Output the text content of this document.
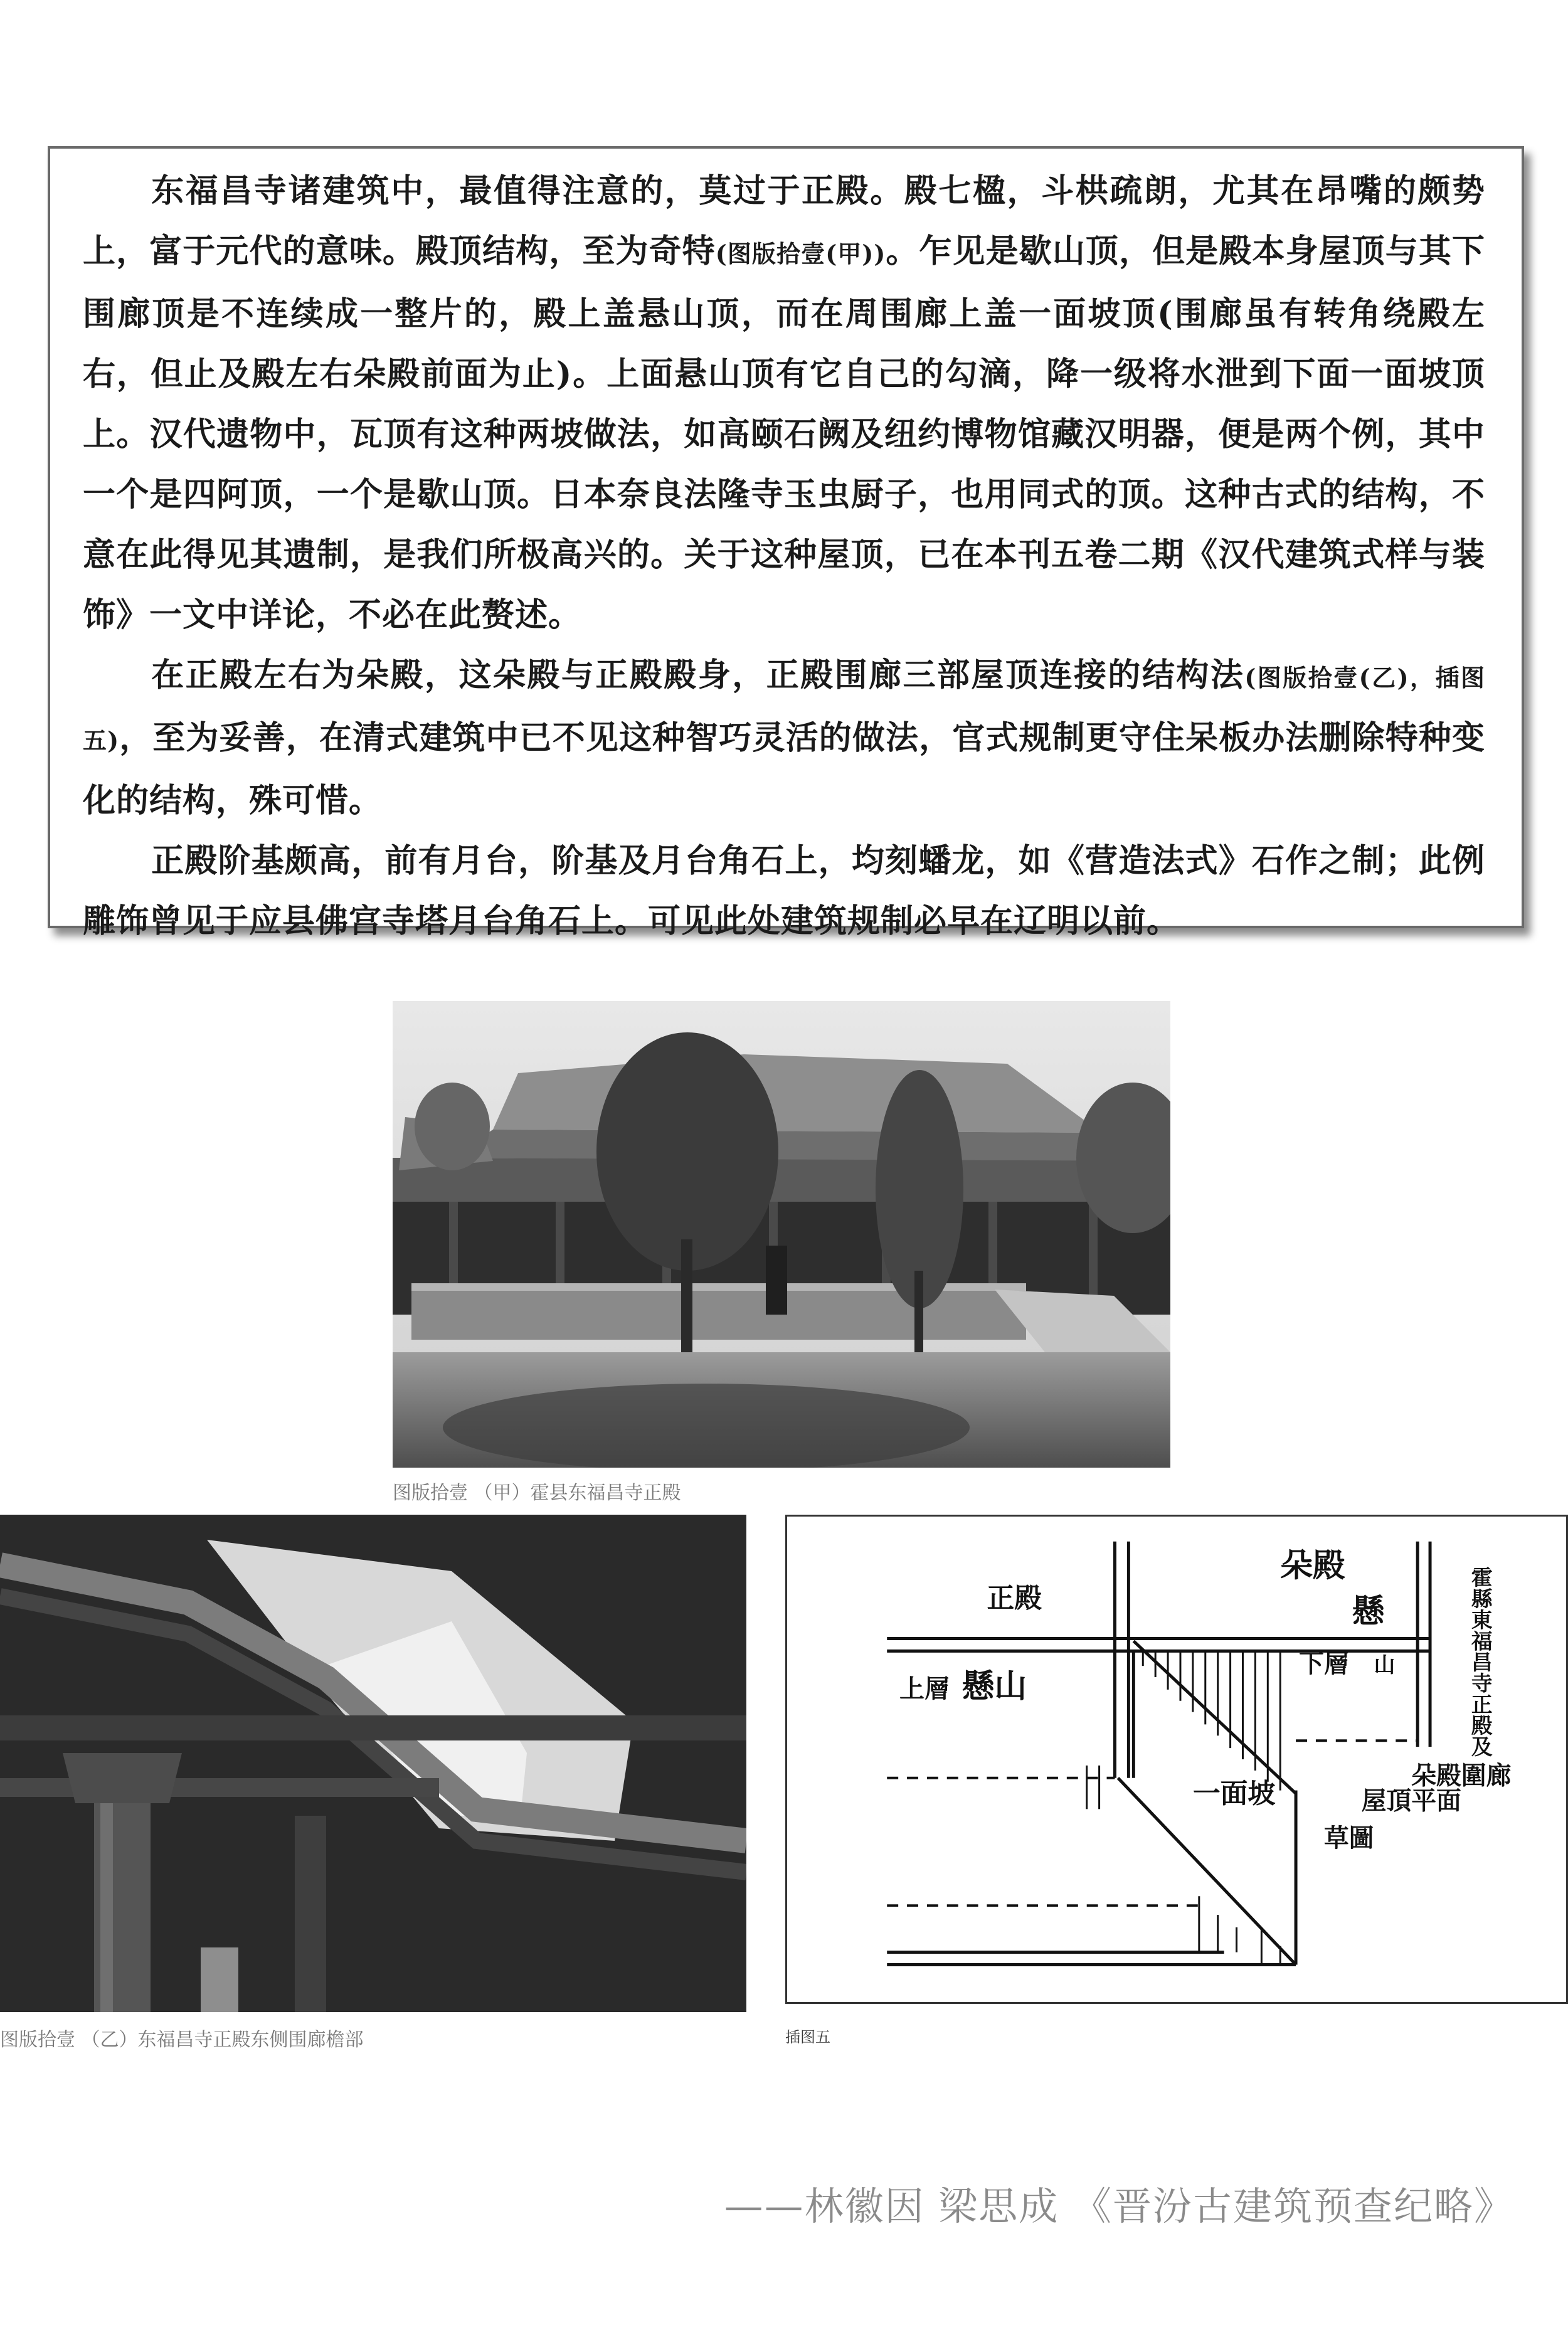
东福昌寺诸建筑中，最值得注意的，莫过于正殿。殿七楹，斗栱疏朗，尤其在昂嘴的颇势上，富于元代的意味。殿顶结构，至为奇特(图版拾壹(甲))。乍见是歇山顶，但是殿本身屋顶与其下围廊顶是不连续成一整片的，殿上盖悬山顶，而在周围廊上盖一面坡顶(围廊虽有转角绕殿左右，但止及殿左右朵殿前面为止)。上面悬山顶有它自己的勾滴，降一级将水泄到下面一面坡顶上。汉代遗物中，瓦顶有这种两坡做法，如高颐石阙及纽约博物馆藏汉明器，便是两个例，其中一个是四阿顶，一个是歇山顶。日本奈良法隆寺玉虫厨子，也用同式的顶。这种古式的结构，不意在此得见其遗制，是我们所极高兴的。关于这种屋顶，已在本刊五卷二期《汉代建筑式样与装饰》一文中详论，不必在此赘述。

在正殿左右为朵殿，这朵殿与正殿殿身，正殿围廊三部屋顶连接的结构法(图版拾壹(乙)，插图五)，至为妥善，在清式建筑中已不见这种智巧灵活的做法，官式规制更守住呆板办法删除特种变化的结构，殊可惜。

正殿阶基颇高，前有月台，阶基及月台角石上，均刻蟠龙，如《营造法式》石作之制；此例雕饰曾见于应县佛宫寺塔月台角石上。可见此处建筑规制必早在辽明以前。

图版拾壹 （甲）霍县东福昌寺正殿
图版拾壹 （乙）东福昌寺正殿东侧围廊檐部
正殿
朵殿
懸
山
下層
上層 懸山
一面坡
草圖
屋頂平面
朵殿圍廊
霍縣東福昌寺正殿及
插图五
——林徽因 梁思成 《晋汾古建筑预查纪略》
